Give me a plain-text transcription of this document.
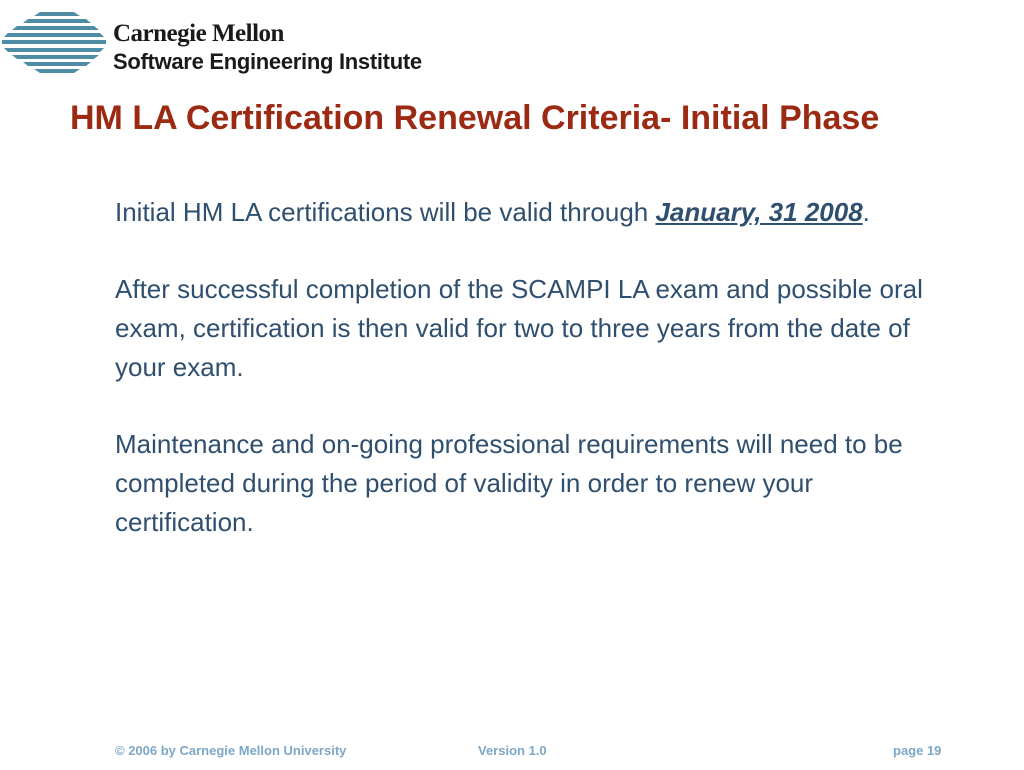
Carnegie Mellon
Software Engineering Institute
HM LA Certification Renewal Criteria- Initial Phase

Initial HM LA certifications will be valid through January, 31 2008.

After successful completion of the SCAMPI LA exam and possible oral exam, certification is then valid for two to three years from the date of your exam.

Maintenance and on-going professional requirements will need to be completed during the period of validity in order to renew your certification.

© 2006 by Carnegie Mellon University	Version 1.0	page 19
